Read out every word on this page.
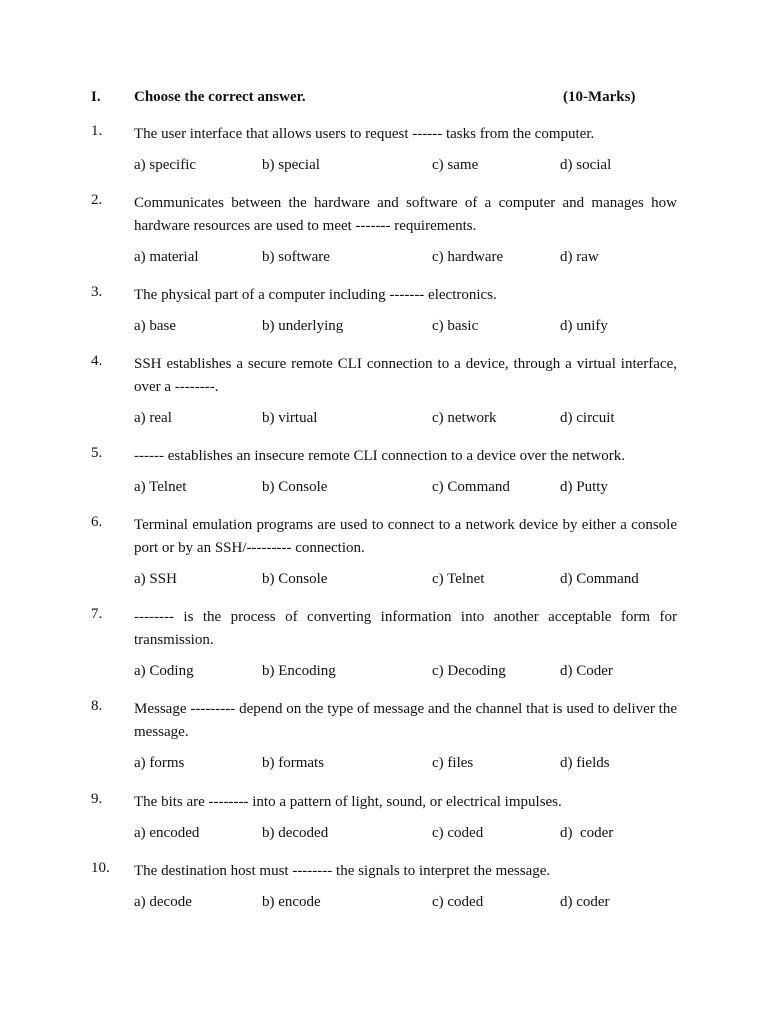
I. Choose the correct answer.	(10-Marks)
1.	The user interface that allows users to request ------ tasks from the computer.
a) specific	b) special	c) same	d) social
2.	Communicates between the hardware and software of a computer and manages how hardware resources are used to meet ------- requirements.
a) material	b) software	c) hardware	d) raw
3.	The physical part of a computer including ------- electronics.
a) base	b) underlying	c) basic	d) unify
4.	SSH establishes a secure remote CLI connection to a device, through a virtual interface, over a --------.
a) real	b) virtual	c) network	d) circuit
5.	------ establishes an insecure remote CLI connection to a device over the network.
a) Telnet	b) Console	c) Command	d) Putty
6.	Terminal emulation programs are used to connect to a network device by either a console port or by an SSH/--------- connection.
a) SSH	b) Console	c) Telnet	d) Command
7.	-------- is the process of converting information into another acceptable form for transmission.
a) Coding	b) Encoding	c) Decoding	d) Coder
8.	Message --------- depend on the type of message and the channel that is used to deliver the message.
a) forms	b) formats	c) files	d) fields
9.	The bits are -------- into a pattern of light, sound, or electrical impulses.
a) encoded	b) decoded	c) coded	d)  coder
10.	The destination host must -------- the signals to interpret the message.
a) decode	b) encode	c) coded	d) coder
